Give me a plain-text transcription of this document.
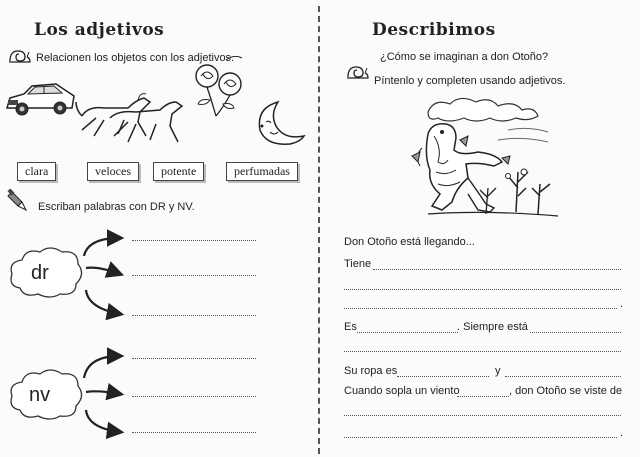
Los adjetivos
Relacionen los objetos con los adjetivos.
clara	veloces	potente	perfumadas
Escriban palabras con DR y NV.
dr
nv
Describimos
¿Cómo se imaginan a don Otoño?
Píntenlo y completen usando adjetivos.
Don Otoño está llegando...
Tiene
.
Es	. Siempre está
Su ropa es	y
Cuando sopla un viento	, don Otoño se viste de
.
